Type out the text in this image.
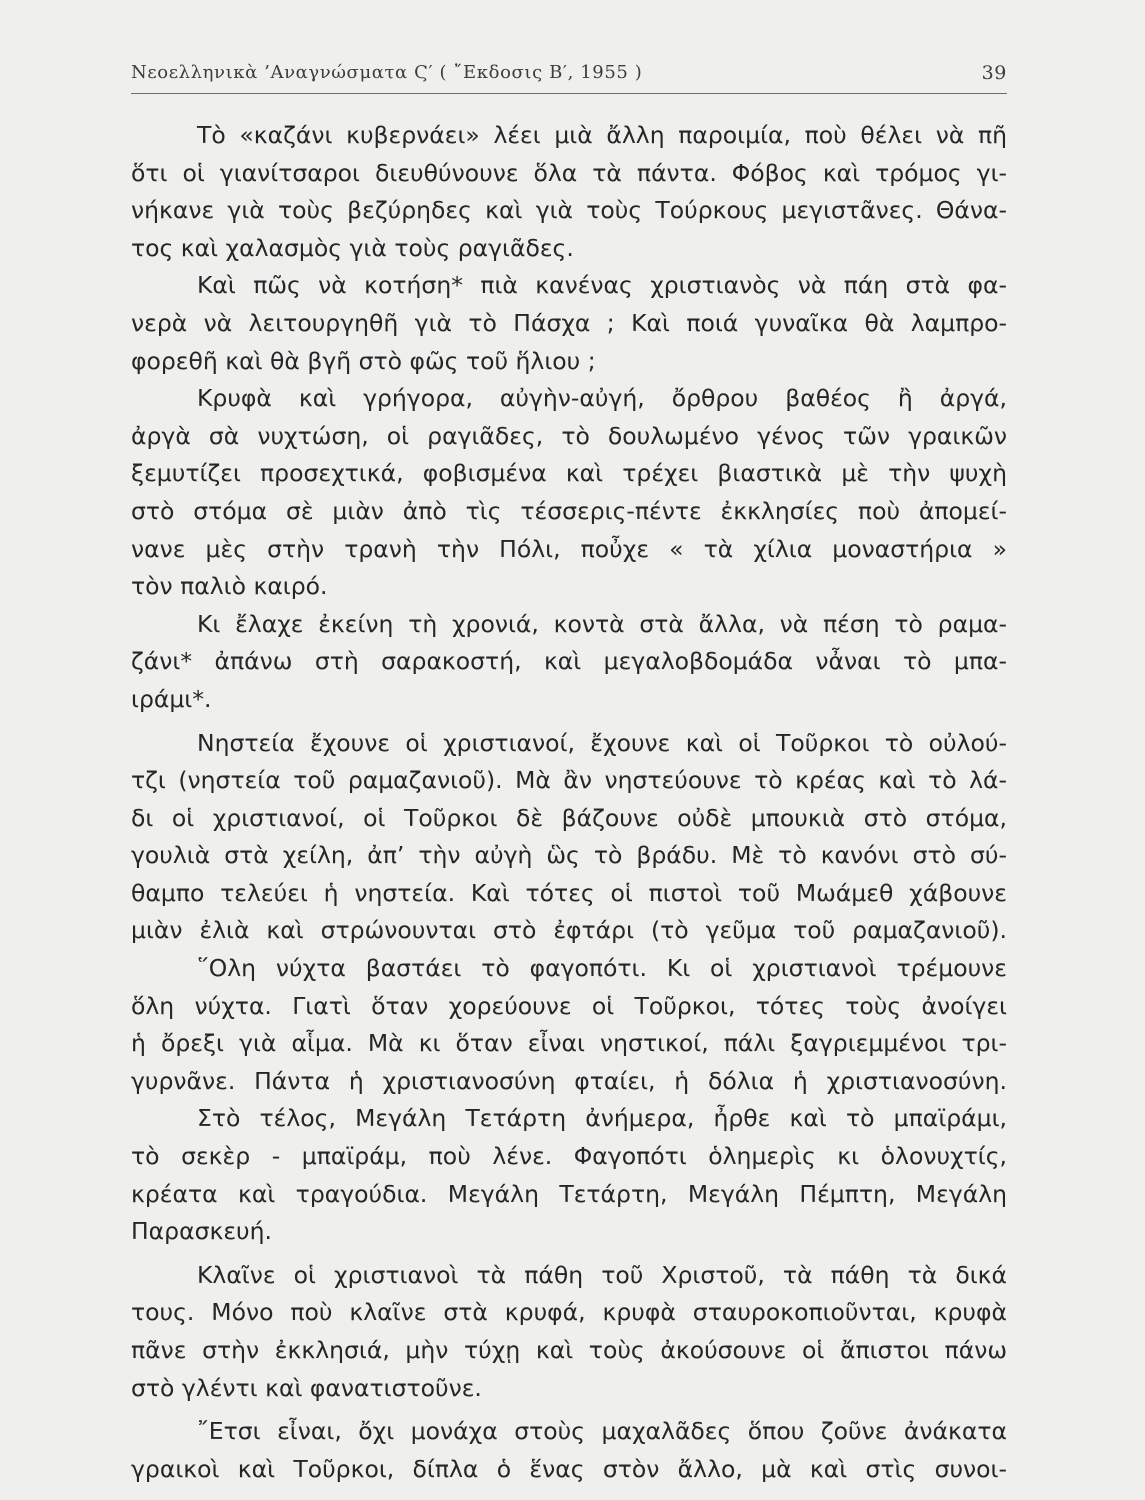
Νεοελληνικὰ ’Αναγνώσματα Ϛ′ ( ῎Εκδοσις Β′, 1955 )	39
Τὸ «καζάνι κυβερνάει» λέει μιὰ ἄλλη παροιμία, ποὺ θέλει νὰ πῆ
ὅτι οἱ γιανίτσαροι διευθύνουνε ὅλα τὰ πάντα. Φόβος καὶ τρόμος γι-
νήκανε γιὰ τοὺς βεζύρηδες καὶ γιὰ τοὺς Τούρκους μεγιστᾶνες. Θάνα-
τος καὶ χαλασμὸς γιὰ τοὺς ραγιᾶδες.
Καὶ πῶς νὰ κοτήση* πιὰ κανένας χριστιανὸς νὰ πάη στὰ φα-
νερὰ νὰ λειτουργηθῆ γιὰ τὸ Πάσχα ; Καὶ ποιά γυναῖκα θὰ λαμπρο-
φορεθῆ καὶ θὰ βγῆ στὸ φῶς τοῦ ἥλιου ;
Κρυφὰ καὶ γρήγορα, αὐγὴν-αὐγή, ὄρθρου βαθέος ἢ ἀργά,
ἀργὰ σὰ νυχτώση, οἱ ραγιᾶδες, τὸ δουλωμένο γένος τῶν γραικῶν
ξεμυτίζει προσεχτικά, φοβισμένα καὶ τρέχει βιαστικὰ μὲ τὴν ψυχὴ
στὸ στόμα σὲ μιὰν ἀπὸ τὶς τέσσερις-πέντε ἐκκλησίες ποὺ ἀπομεί-
νανε μὲς στὴν τρανὴ τὴν Πόλι, ποὖχε « τὰ χίλια μοναστήρια »
τὸν παλιὸ καιρό.
Κι ἔλαχε ἐκείνη τὴ χρονιά, κοντὰ στὰ ἄλλα, νὰ πέση τὸ ραμα-
ζάνι* ἀπάνω στὴ σαρακοστή, καὶ μεγαλοβδομάδα νἆναι τὸ μπα-
ιράμι*.
Νηστεία ἔχουνε οἱ χριστιανοί, ἔχουνε καὶ οἱ Τοῦρκοι τὸ οὐλού-
τζι (νηστεία τοῦ ραμαζανιοῦ). Μὰ ἂν νηστεύουνε τὸ κρέας καὶ τὸ λά-
δι οἱ χριστιανοί, οἱ Τοῦρκοι δὲ βάζουνε οὐδὲ μπουκιὰ στὸ στόμα,
γουλιὰ στὰ χείλη, ἀπ’ τὴν αὐγὴ ὣς τὸ βράδυ. Μὲ τὸ κανόνι στὸ σύ-
θαμπο τελεύει ἡ νηστεία. Καὶ τότες οἱ πιστοὶ τοῦ Μωάμεθ χάβουνε
μιὰν ἐλιὰ καὶ στρώνουνται στὸ ἐφτάρι (τὸ γεῦμα τοῦ ραμαζανιοῦ).
῞Ολη νύχτα βαστάει τὸ φαγοπότι. Κι οἱ χριστιανοὶ τρέμουνε
ὅλη νύχτα. Γιατὶ ὅταν χορεύουνε οἱ Τοῦρκοι, τότες τοὺς ἀνοίγει
ἡ ὄρεξι γιὰ αἷμα. Μὰ κι ὅταν εἶναι νηστικοί, πάλι ξαγριεμμένοι τρι-
γυρνᾶνε. Πάντα ἡ χριστιανοσύνη φταίει, ἡ δόλια ἡ χριστιανοσύνη.
Στὸ τέλος, Μεγάλη Τετάρτη ἀνήμερα, ἦρθε καὶ τὸ μπαϊράμι,
τὸ σεκὲρ - μπαϊράμ, ποὺ λένε. Φαγοπότι ὁλημερὶς κι ὁλονυχτίς,
κρέατα καὶ τραγούδια. Μεγάλη Τετάρτη, Μεγάλη Πέμπτη, Μεγάλη
Παρασκευή.
Κλαῖνε οἱ χριστιανοὶ τὰ πάθη τοῦ Χριστοῦ, τὰ πάθη τὰ δικά
τους. Μόνο ποὺ κλαῖνε στὰ κρυφά, κρυφὰ σταυροκοπιοῦνται, κρυφὰ
πᾶνε στὴν ἐκκλησιά, μὴν τύχῃ καὶ τοὺς ἀκούσουνε οἱ ἄπιστοι πάνω
στὸ γλέντι καὶ φανατιστοῦνε.
῎Ετσι εἶναι, ὄχι μονάχα στοὺς μαχαλᾶδες ὅπου ζοῦνε ἀνάκατα
γραικοὶ καὶ Τοῦρκοι, δίπλα ὁ ἕνας στὸν ἄλλο, μὰ καὶ στὶς συνοι-
